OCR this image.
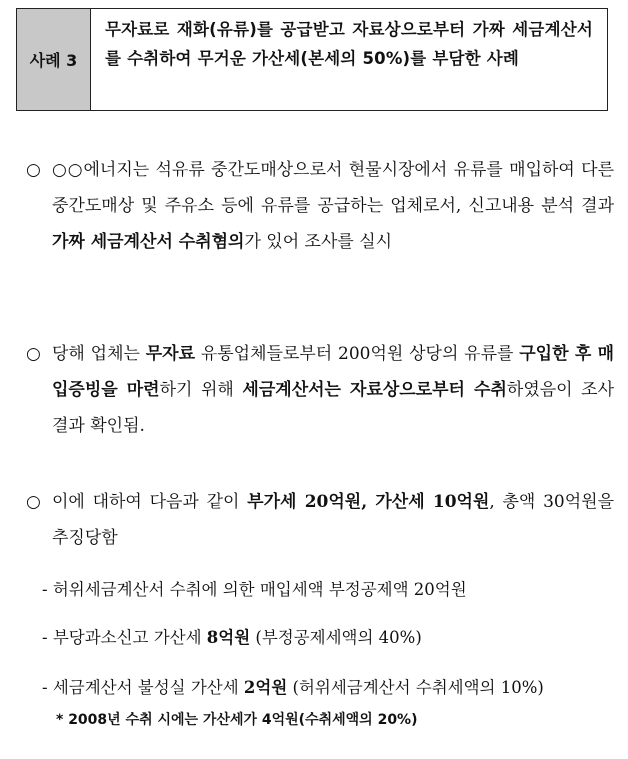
사례 3
무자료로 재화(유류)를 공급받고 자료상으로부터 가짜 세금계산서를 수취하여 무거운 가산세(본세의 50%)를 부담한 사례
○ ○○에너지는 석유류 중간도매상으로서 현물시장에서 유류를 매입하여 다른 중간도매상 및 주유소 등에 유류를 공급하는 업체로서, 신고내용 분석 결과 가짜 세금계산서 수취혐의가 있어 조사를 실시
○ 당해 업체는 무자료 유통업체들로부터 200억원 상당의 유류를 구입한 후 매입증빙을 마련하기 위해 세금계산서는 자료상으로부터 수취하였음이 조사 결과 확인됨.
○ 이에 대하여 다음과 같이 부가세 20억원, 가산세 10억원, 총액 30억원을 추징당함
- 허위세금계산서 수취에 의한 매입세액 부정공제액 20억원
- 부당과소신고 가산세 8억원 (부정공제세액의 40%)
- 세금계산서 불성실 가산세 2억원 (허위세금계산서 수취세액의 10%)
* 2008년 수취 시에는 가산세가 4억원(수취세액의 20%)
